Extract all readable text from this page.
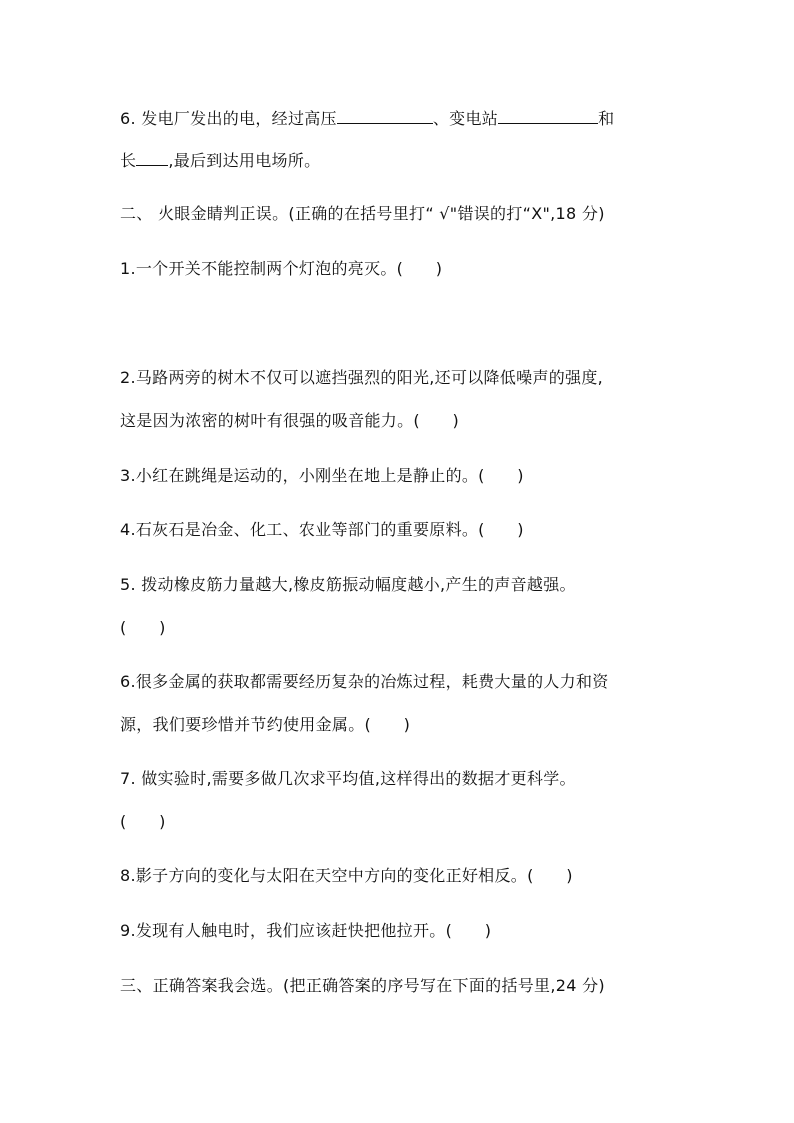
6. 发电厂发出的电，经过高压	、变电站	和
长 ,最后到达用电场所。
二、 火眼金睛判正误。(正确的在括号里打“ √"错误的打“X",18 分)
1.一个开关不能控制两个灯泡的亮灭。(　　)
2.马路两旁的树木不仅可以遮挡强烈的阳光,还可以降低噪声的强度,
这是因为浓密的树叶有很强的吸音能力。(　　)
3.小红在跳绳是运动的，小刚坐在地上是静止的。(　　)
4.石灰石是冶金、化工、农业等部门的重要原料。(　　)
5. 拨动橡皮筋力量越大,橡皮筋振动幅度越小,产生的声音越强。
(　　)
6.很多金属的获取都需要经历复杂的冶炼过程，耗费大量的人力和资
源，我们要珍惜并节约使用金属。(　　)
7. 做实验时,需要多做几次求平均值,这样得出的数据才更科学。
(　　)
8.影子方向的变化与太阳在天空中方向的变化正好相反。(　　)
9.发现有人触电时，我们应该赶快把他拉开。(　　)
三、正确答案我会选。(把正确答案的序号写在下面的括号里,24 分)
